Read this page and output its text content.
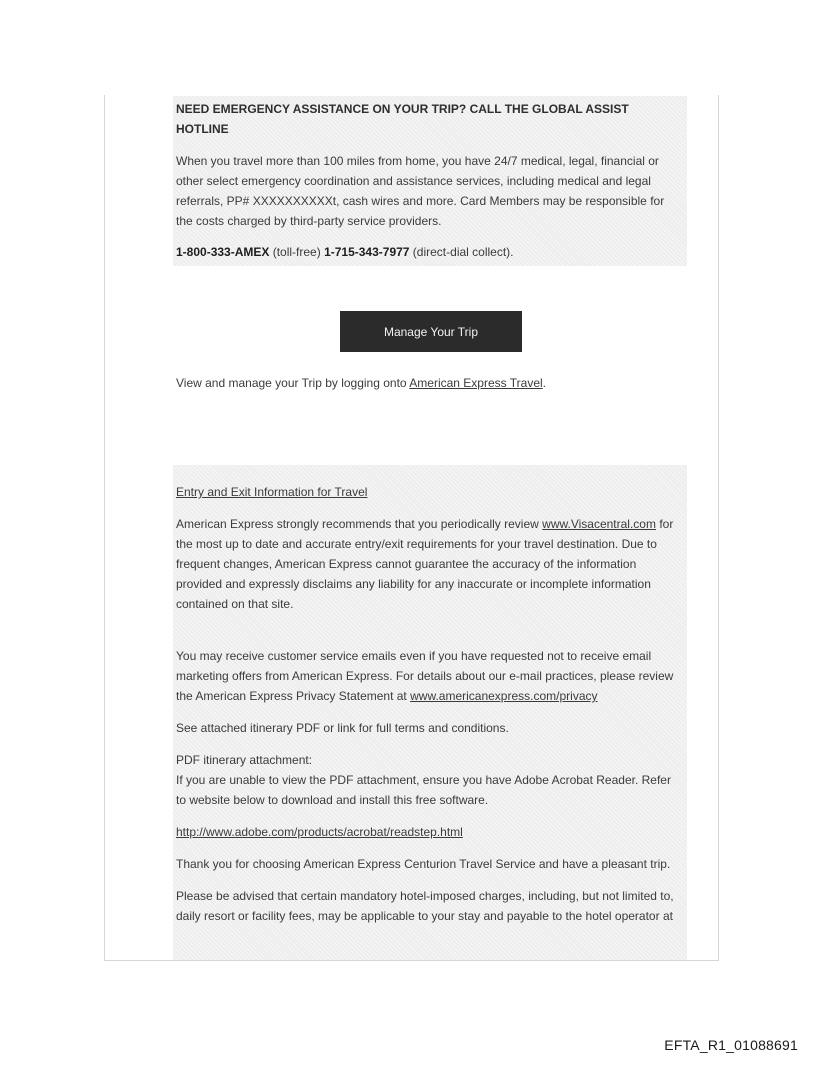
NEED EMERGENCY ASSISTANCE ON YOUR TRIP? CALL THE GLOBAL ASSIST HOTLINE

When you travel more than 100 miles from home, you have 24/7 medical, legal, financial or other select emergency coordination and assistance services, including medical and legal referrals, PP# XXXXXXXXXXt, cash wires and more. Card Members may be responsible for the costs charged by third-party service providers.

1-800-333-AMEX (toll-free) 1-715-343-7977 (direct-dial collect).

Manage Your Trip

View and manage your Trip by logging onto American Express Travel.

Entry and Exit Information for Travel

American Express strongly recommends that you periodically review www.Visacentral.com for the most up to date and accurate entry/exit requirements for your travel destination. Due to frequent changes, American Express cannot guarantee the accuracy of the information provided and expressly disclaims any liability for any inaccurate or incomplete information contained on that site.

You may receive customer service emails even if you have requested not to receive email marketing offers from American Express. For details about our e-mail practices, please review the American Express Privacy Statement at www.americanexpress.com/privacy

See attached itinerary PDF or link for full terms and conditions.

PDF itinerary attachment:

If you are unable to view the PDF attachment, ensure you have Adobe Acrobat Reader. Refer to website below to download and install this free software.

http://www.adobe.com/products/acrobat/readstep.html

Thank you for choosing American Express Centurion Travel Service and have a pleasant trip.

Please be advised that certain mandatory hotel-imposed charges, including, but not limited to, daily resort or facility fees, may be applicable to your stay and payable to the hotel operator at

EFTA_R1_01088691
